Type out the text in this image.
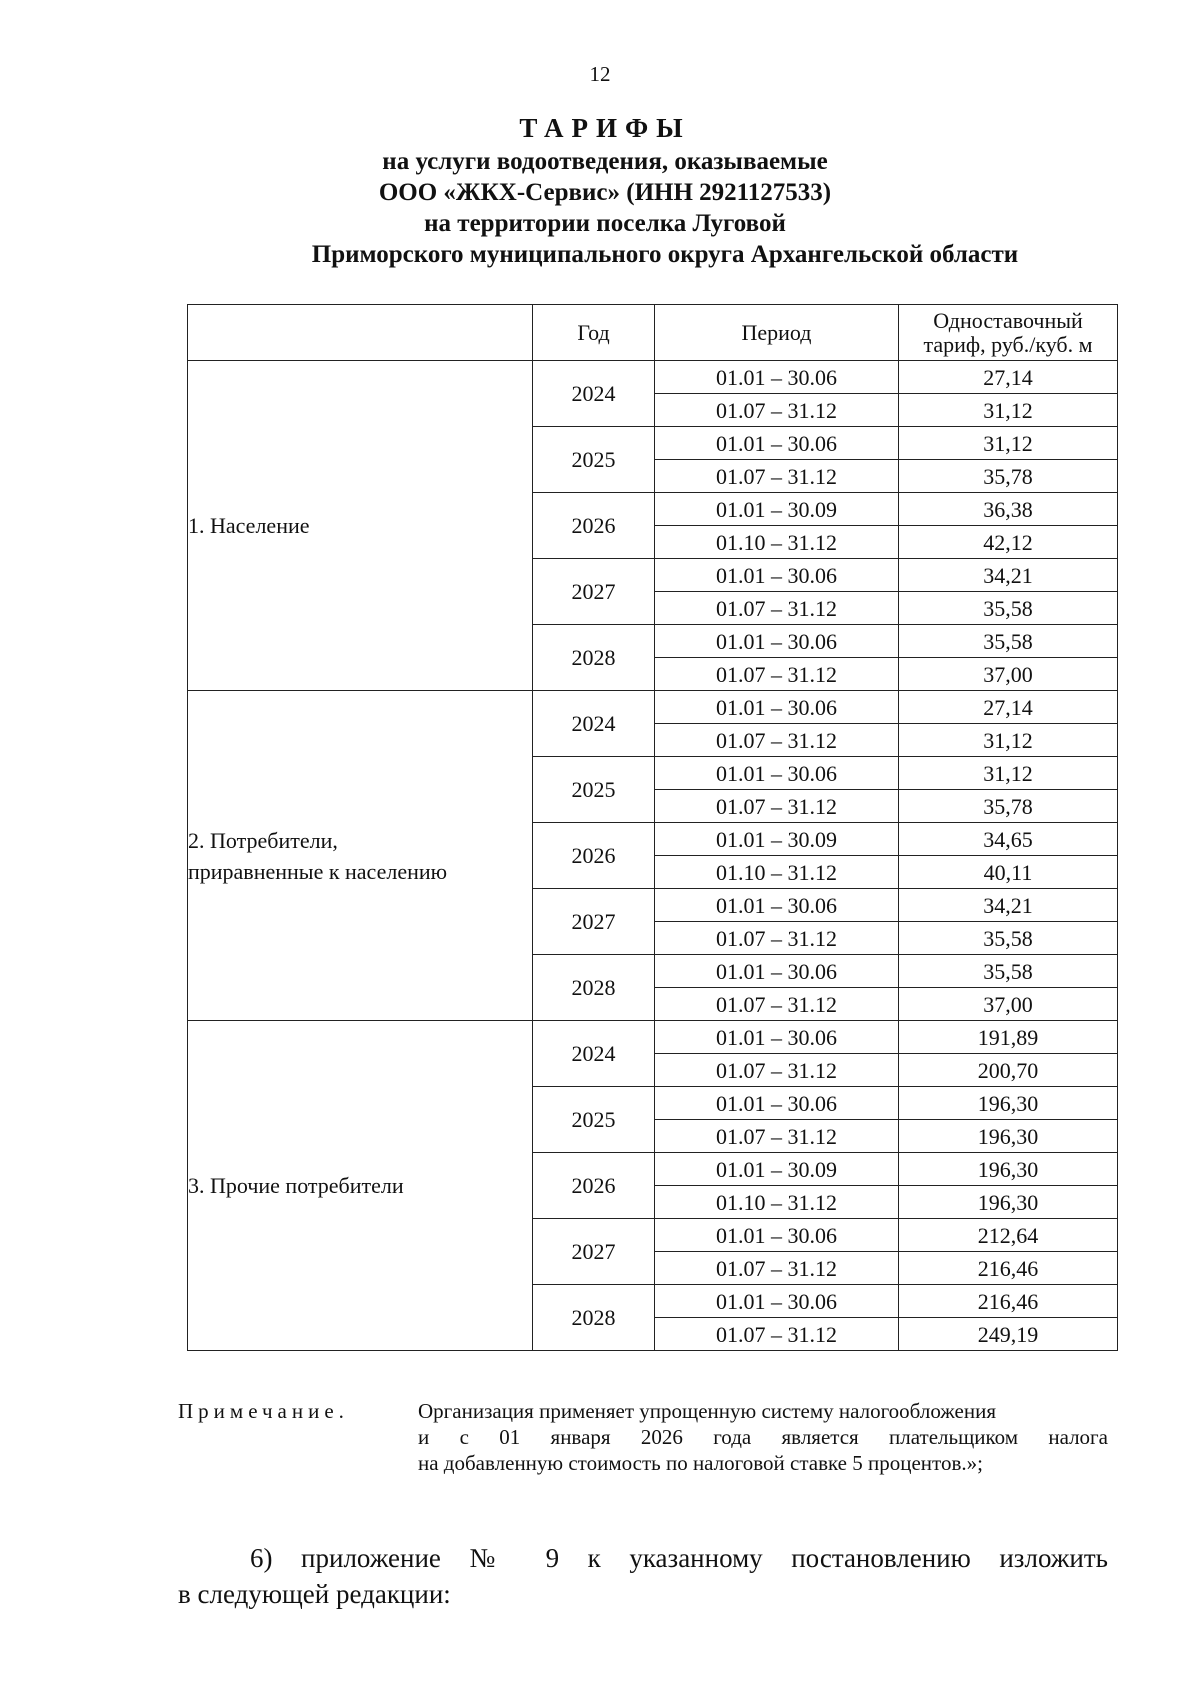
12
ТАРИФЫ
на услуги водоотведения, оказываемые
ООО «ЖКХ-Сервис» (ИНН 2921127533)
на территории поселка Луговой
Приморского муниципального округа Архангельской области
	Год	Период	Одноставочный
тариф, руб./куб. м
1. Население	2024	01.01 – 30.06	27,14
		01.07 – 31.12	31,12
	2025	01.01 – 30.06	31,12
		01.07 – 31.12	35,78
	2026	01.01 – 30.09	36,38
		01.10 – 31.12	42,12
	2027	01.01 – 30.06	34,21
		01.07 – 31.12	35,58
	2028	01.01 – 30.06	35,58
		01.07 – 31.12	37,00
2. Потребители,
приравненные к населению	2024	01.01 – 30.06	27,14
		01.07 – 31.12	31,12
	2025	01.01 – 30.06	31,12
		01.07 – 31.12	35,78
	2026	01.01 – 30.09	34,65
		01.10 – 31.12	40,11
	2027	01.01 – 30.06	34,21
		01.07 – 31.12	35,58
	2028	01.01 – 30.06	35,58
		01.07 – 31.12	37,00
3. Прочие потребители	2024	01.01 – 30.06	191,89
		01.07 – 31.12	200,70
	2025	01.01 – 30.06	196,30
		01.07 – 31.12	196,30
	2026	01.01 – 30.09	196,30
		01.10 – 31.12	196,30
	2027	01.01 – 30.06	212,64
		01.07 – 31.12	216,46
	2028	01.01 – 30.06	216,46
		01.07 – 31.12	249,19
Примечание.	Организация применяет упрощенную систему налогообложения
и с 01 января 2026 года является плательщиком налога
на добавленную стоимость по налоговой ставке 5 процентов.»;
6) приложение № 9 к указанному постановлению изложить
в следующей редакции:
